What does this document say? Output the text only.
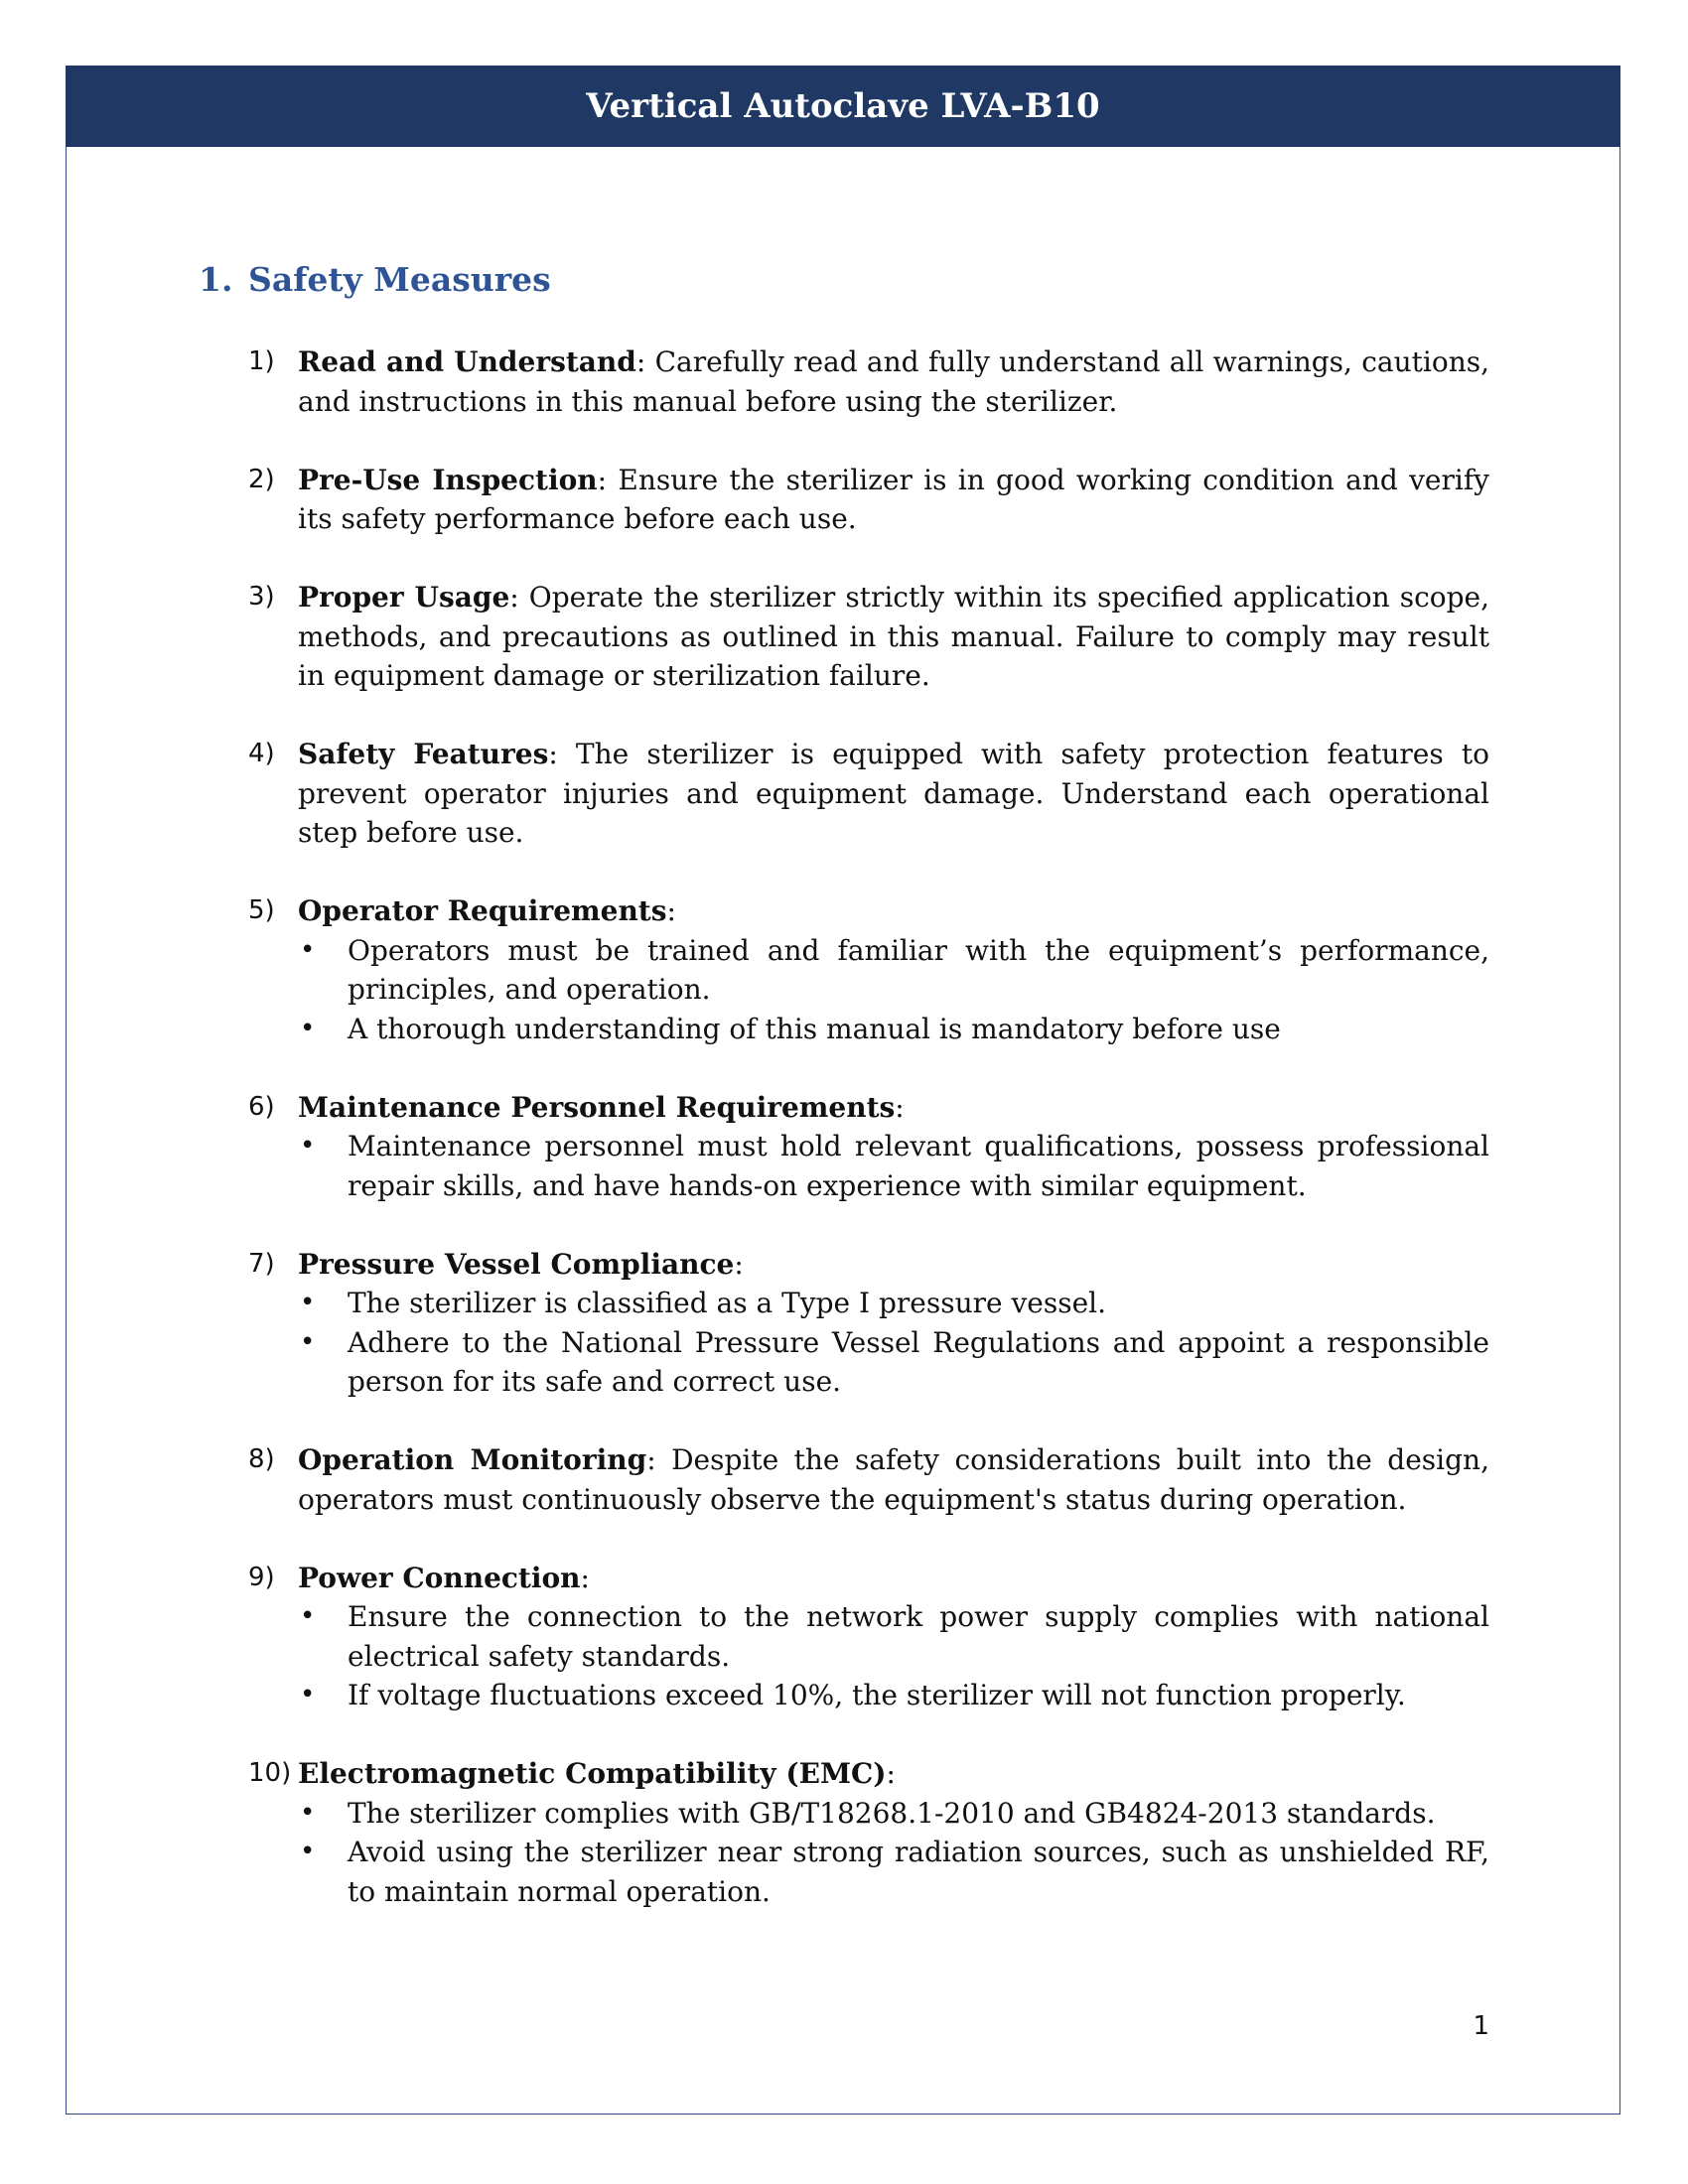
Vertical Autoclave LVA-B10
1. Safety Measures
1) Read and Understand: Carefully read and fully understand all warnings, cautions, and instructions in this manual before using the sterilizer.

2) Pre-Use Inspection: Ensure the sterilizer is in good working condition and verify its safety performance before each use.

3) Proper Usage: Operate the sterilizer strictly within its specified application scope, methods, and precautions as outlined in this manual. Failure to comply may result in equipment damage or sterilization failure.

4) Safety Features: The sterilizer is equipped with safety protection features to prevent operator injuries and equipment damage. Understand each operational step before use.

5) Operator Requirements:

• Operators must be trained and familiar with the equipment’s performance, principles, and operation.
• A thorough understanding of this manual is mandatory before use
6) Maintenance Personnel Requirements:

• Maintenance personnel must hold relevant qualifications, possess professional repair skills, and have hands-on experience with similar equipment.
7) Pressure Vessel Compliance:

• The sterilizer is classified as a Type I pressure vessel.
• Adhere to the National Pressure Vessel Regulations and appoint a responsible person for its safe and correct use.
8) Operation Monitoring: Despite the safety considerations built into the design, operators must continuously observe the equipment's status during operation.

9) Power Connection:

• Ensure the connection to the network power supply complies with national electrical safety standards.
• If voltage fluctuations exceed 10%, the sterilizer will not function properly.
10) Electromagnetic Compatibility (EMC):

• The sterilizer complies with GB/T18268.1-2010 and GB4824-2013 standards.
• Avoid using the sterilizer near strong radiation sources, such as unshielded RF, to maintain normal operation.
1
